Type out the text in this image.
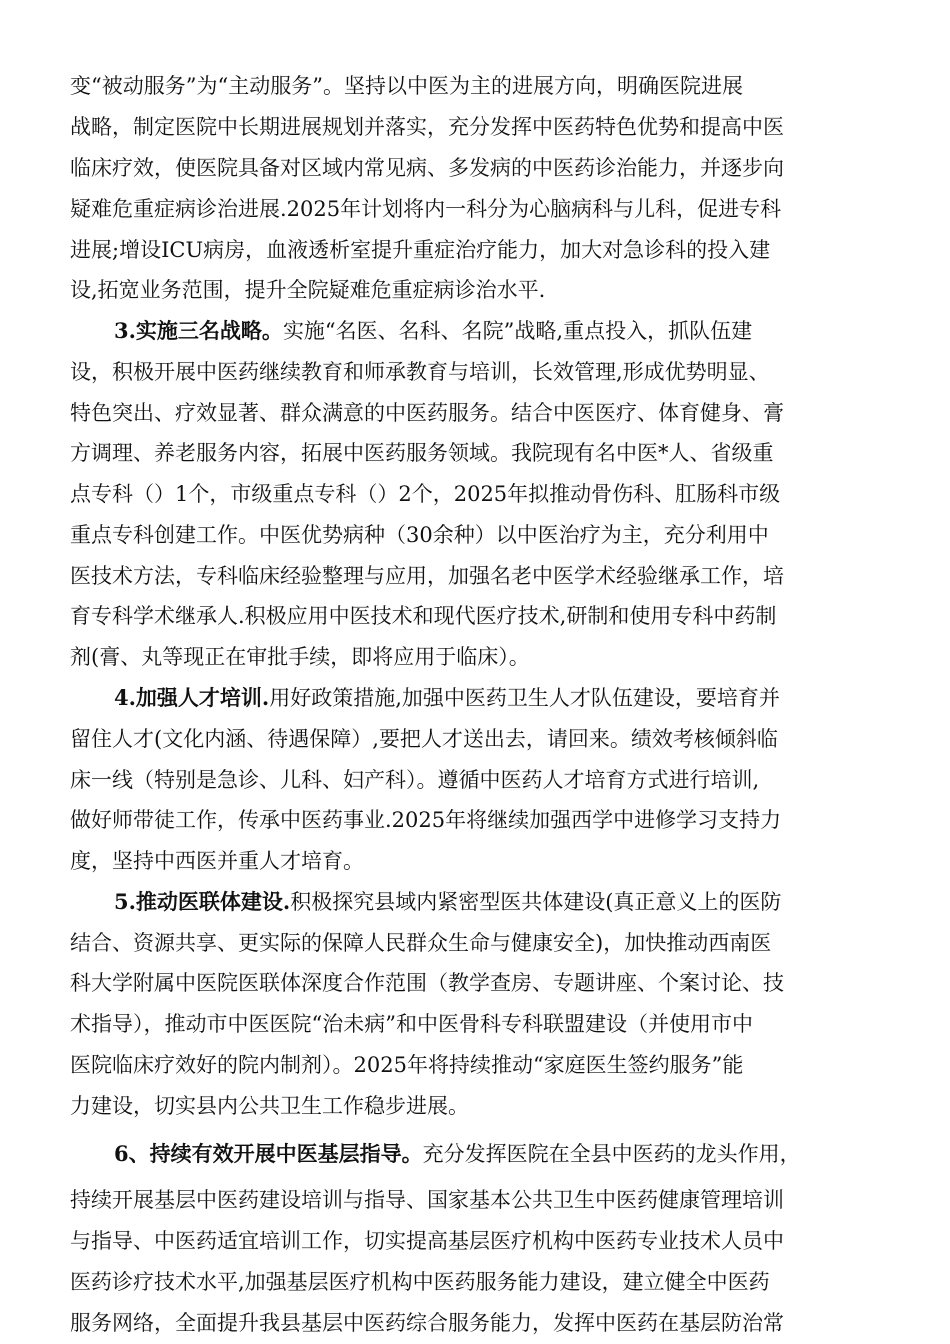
变“被动服务”为“主动服务”。坚持以中医为主的进展方向，明确医院进展
战略，制定医院中长期进展规划并落实，充分发挥中医药特色优势和提高中医
临床疗效，使医院具备对区域内常见病、多发病的中医药诊治能力，并逐步向
疑难危重症病诊治进展.2025年计划将内一科分为心脑病科与儿科，促进专科
进展;增设ICU病房，血液透析室提升重症治疗能力，加大对急诊科的投入建
设,拓宽业务范围，提升全院疑难危重症病诊治水平.
3.实施三名战略。实施“名医、名科、名院”战略,重点投入，抓队伍建
设，积极开展中医药继续教育和师承教育与培训，长效管理,形成优势明显、
特色突出、疗效显著、群众满意的中医药服务。结合中医医疗、体育健身、膏
方调理、养老服务内容，拓展中医药服务领域。我院现有名中医*人、省级重
点专科（）1个，市级重点专科（）2个，2025年拟推动骨伤科、肛肠科市级
重点专科创建工作。中医优势病种（30余种）以中医治疗为主，充分利用中
医技术方法，专科临床经验整理与应用，加强名老中医学术经验继承工作，培
育专科学术继承人.积极应用中医技术和现代医疗技术,研制和使用专科中药制
剂(膏、丸等现正在审批手续，即将应用于临床）。
4.加强人才培训.用好政策措施,加强中医药卫生人才队伍建设，要培育并
留住人才(文化内涵、待遇保障）,要把人才送出去，请回来。绩效考核倾斜临
床一线（特别是急诊、儿科、妇产科）。遵循中医药人才培育方式进行培训,
做好师带徒工作，传承中医药事业.2025年将继续加强西学中进修学习支持力
度，坚持中西医并重人才培育。
5.推动医联体建设.积极探究县域内紧密型医共体建设(真正意义上的医防
结合、资源共享、更实际的保障人民群众生命与健康安全)，加快推动西南医
科大学附属中医院医联体深度合作范围（教学查房、专题讲座、个案讨论、技
术指导），推动市中医医院“治未病”和中医骨科专科联盟建设（并使用市中
医院临床疗效好的院内制剂）。2025年将持续推动“家庭医生签约服务”能
力建设，切实县内公共卫生工作稳步进展。
6、持续有效开展中医基层指导。充分发挥医院在全县中医药的龙头作用，
持续开展基层中医药建设培训与指导、国家基本公共卫生中医药健康管理培训
与指导、中医药适宜培训工作，切实提高基层医疗机构中医药专业技术人员中
医药诊疗技术水平,加强基层医疗机构中医药服务能力建设，建立健全中医药
服务网络，全面提升我县基层中医药综合服务能力，发挥中医药在基层防治常
